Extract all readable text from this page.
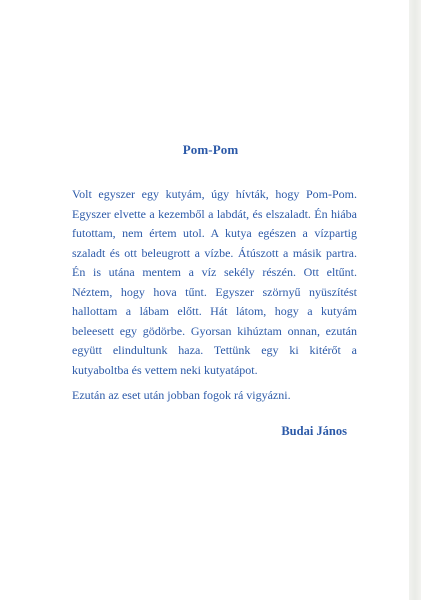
Pom-Pom

Volt egyszer egy kutyám, úgy hívták, hogy Pom-Pom. Egyszer elvette a kezemből a labdát, és elszaladt. Én hiába futottam, nem értem utol. A kutya egészen a vízpartig szaladt és ott beleugrott a vízbe. Átúszott a másik partra. Én is utána mentem a víz sekély részén. Ott eltűnt. Néztem, hogy hova tűnt. Egyszer szörnyű nyüszítést hallottam a lábam előtt. Hát látom, hogy a kutyám beleesett egy gödörbe. Gyorsan kihúztam onnan, ezután együtt elindultunk haza. Tettünk egy ki kitérőt a kutyaboltba és vettem neki kutyatápot.

Ezután az eset után jobban fogok rá vigyázni.

Budai János
